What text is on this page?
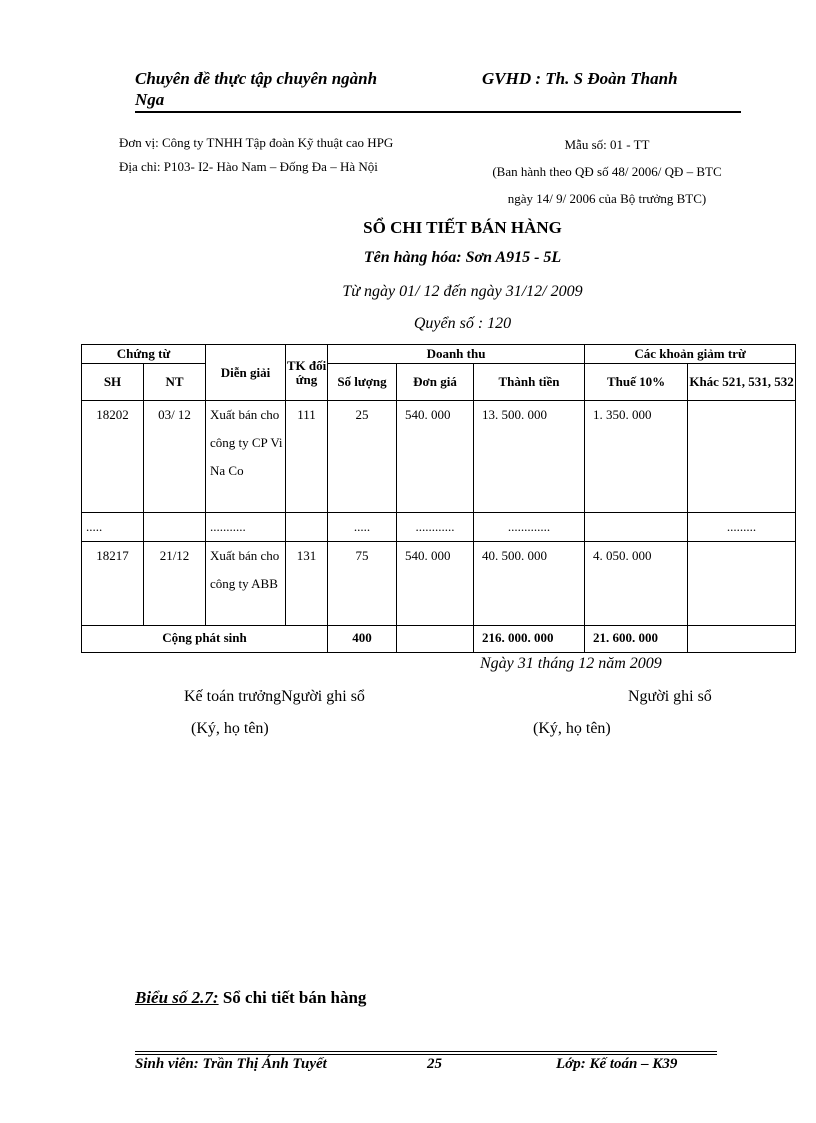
Chuyên đề thực tập chuyên ngành
Nga
GVHD : Th. S Đoàn Thanh
Đơn vị: Công ty TNHH Tập đoàn Kỹ thuật cao HPG
Địa chỉ: P103- I2- Hào Nam – Đống Đa – Hà Nội
Mẫu số: 01 - TT
(Ban hành theo QĐ số 48/ 2006/ QĐ – BTC
ngày 14/ 9/ 2006 của Bộ trưởng BTC)
SỔ CHI TIẾT BÁN HÀNG
Tên hàng hóa: Sơn A915 - 5L
Từ ngày 01/ 12 đến ngày 31/12/ 2009
Quyển số : 120
Chứng từ		Diễn giải	TK đối ứng	Doanh thu			Các khoản giảm trừ	
SH	NT			Số lượng	Đơn giá	Thành tiền	Thuế 10%	Khác 521, 531, 532
18202	03/ 12	Xuất bán cho công ty CP Vi Na Co	111	25	540. 000	13. 500. 000	1. 350. 000	
.....		...........		.....	............	.............		.........
18217	21/12	Xuất bán cho công ty ABB	131	75	540. 000	40. 500. 000	4. 050. 000	
Cộng phát sinh				400		216. 000. 000	21. 600. 000	
Ngày 31 tháng 12 năm 2009
Kế toán trưởngNgười ghi sổ	Người ghi sổ
(Ký, họ tên)	(Ký, họ tên)
Biểu số 2.7: Sổ chi tiết bán hàng
Sinh viên: Trần Thị Ánh Tuyết	25	Lớp: Kế toán – K39
